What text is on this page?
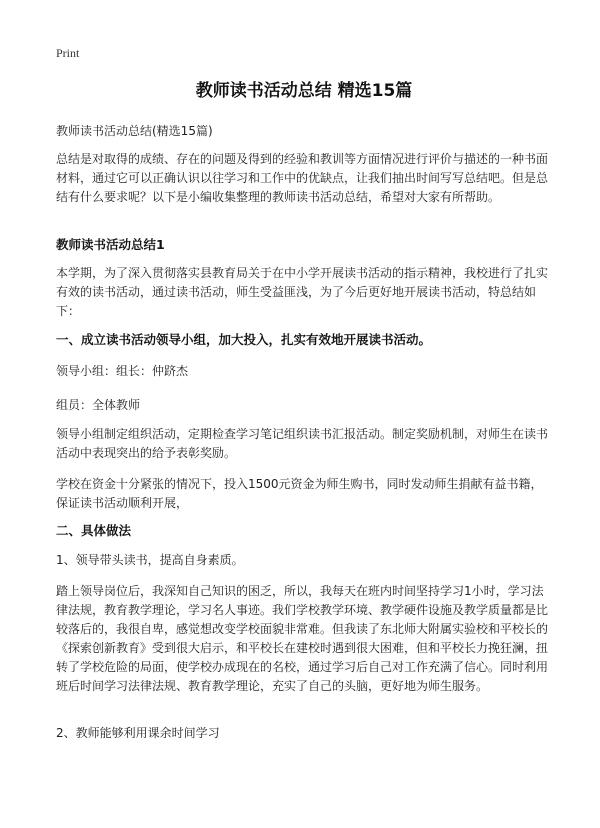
Print
教师读书活动总结 精选15篇

教师读书活动总结(精选15篇)

总结是对取得的成绩、存在的问题及得到的经验和教训等方面情况进行评价与描述的一种书面材料，通过它可以正确认识以往学习和工作中的优缺点，让我们抽出时间写写总结吧。但是总结有什么要求呢？以下是小编收集整理的教师读书活动总结，希望对大家有所帮助。

教师读书活动总结1

本学期，为了深入贯彻落实县教育局关于在中小学开展读书活动的指示精神，我校进行了扎实有效的读书活动，通过读书活动，师生受益匪浅，为了今后更好地开展读书活动，特总结如下：

一、成立读书活动领导小组，加大投入，扎实有效地开展读书活动。

领导小组：组长：仲跻杰

组员：全体教师

领导小组制定组织活动，定期检查学习笔记组织读书汇报活动。制定奖励机制，对师生在读书活动中表现突出的给予表彰奖励。

学校在资金十分紧张的情况下，投入1500元资金为师生购书，同时发动师生捐献有益书籍，保证读书活动顺利开展，

二、具体做法

1、领导带头读书，提高自身素质。

踏上领导岗位后，我深知自己知识的困乏，所以，我每天在班内时间坚持学习1小时，学习法律法规，教育教学理论，学习名人事迹。我们学校教学环境、教学硬件设施及教学质量都是比较落后的，我很自卑，感觉想改变学校面貌非常难。但我读了东北师大附属实验校和平校长的《探索创新教育》受到很大启示，和平校长在建校时遇到很大困难，但和平校长力挽狂澜，扭转了学校危险的局面，使学校办成现在的名校，通过学习后自己对工作充满了信心。同时利用班后时间学习法律法规、教育教学理论，充实了自己的头脑，更好地为师生服务。

2、教师能够利用课余时间学习
